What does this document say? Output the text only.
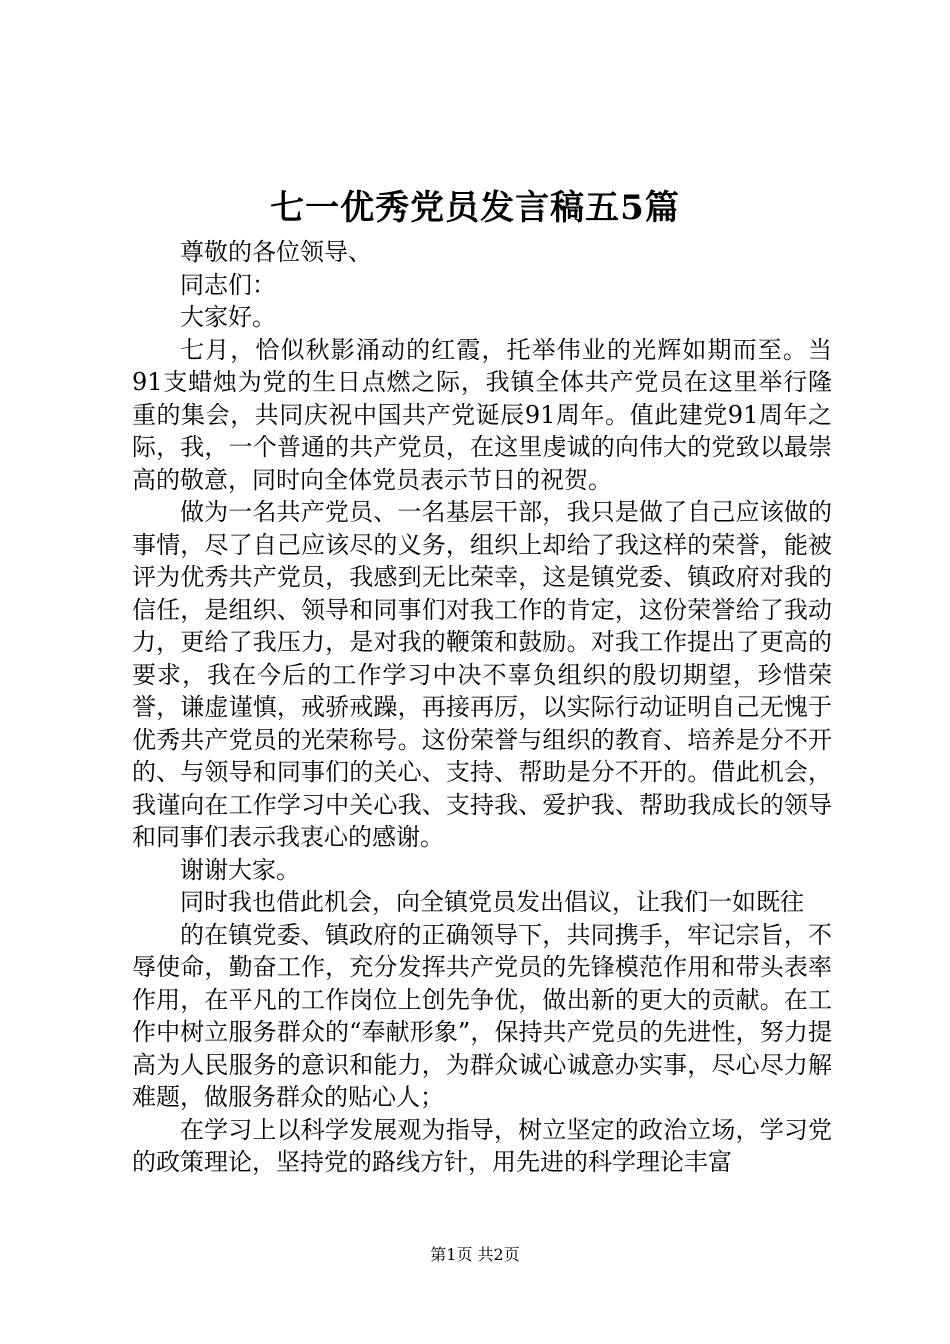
七一优秀党员发言稿五5篇

尊敬的各位领导、

同志们：

大家好。

七月，恰似秋影涌动的红霞，托举伟业的光辉如期而至。当91支蜡烛为党的生日点燃之际，我镇全体共产党员在这里举行隆重的集会，共同庆祝中国共产党诞辰91周年。值此建党91周年之际，我，一个普通的共产党员，在这里虔诚的向伟大的党致以最崇高的敬意，同时向全体党员表示节日的祝贺。

做为一名共产党员、一名基层干部，我只是做了自己应该做的事情，尽了自己应该尽的义务，组织上却给了我这样的荣誉，能被评为优秀共产党员，我感到无比荣幸，这是镇党委、镇政府对我的信任，是组织、领导和同事们对我工作的肯定，这份荣誉给了我动力，更给了我压力，是对我的鞭策和鼓励。对我工作提出了更高的要求，我在今后的工作学习中决不辜负组织的殷切期望，珍惜荣誉，谦虚谨慎，戒骄戒躁，再接再厉，以实际行动证明自己无愧于优秀共产党员的光荣称号。这份荣誉与组织的教育、培养是分不开的、与领导和同事们的关心、支持、帮助是分不开的。借此机会，我谨向在工作学习中关心我、支持我、爱护我、帮助我成长的领导和同事们表示我衷心的感谢。

谢谢大家。

同时我也借此机会，向全镇党员发出倡议，让我们一如既往

的在镇党委、镇政府的正确领导下，共同携手，牢记宗旨，不辱使命，勤奋工作，充分发挥共产党员的先锋模范作用和带头表率作用，在平凡的工作岗位上创先争优，做出新的更大的贡献。在工作中树立服务群众的“奉献形象”，保持共产党员的先进性，努力提高为人民服务的意识和能力，为群众诚心诚意办实事，尽心尽力解难题，做服务群众的贴心人；

在学习上以科学发展观为指导，树立坚定的政治立场，学习党的政策理论，坚持党的路线方针，用先进的科学理论丰富

第1页 共2页
